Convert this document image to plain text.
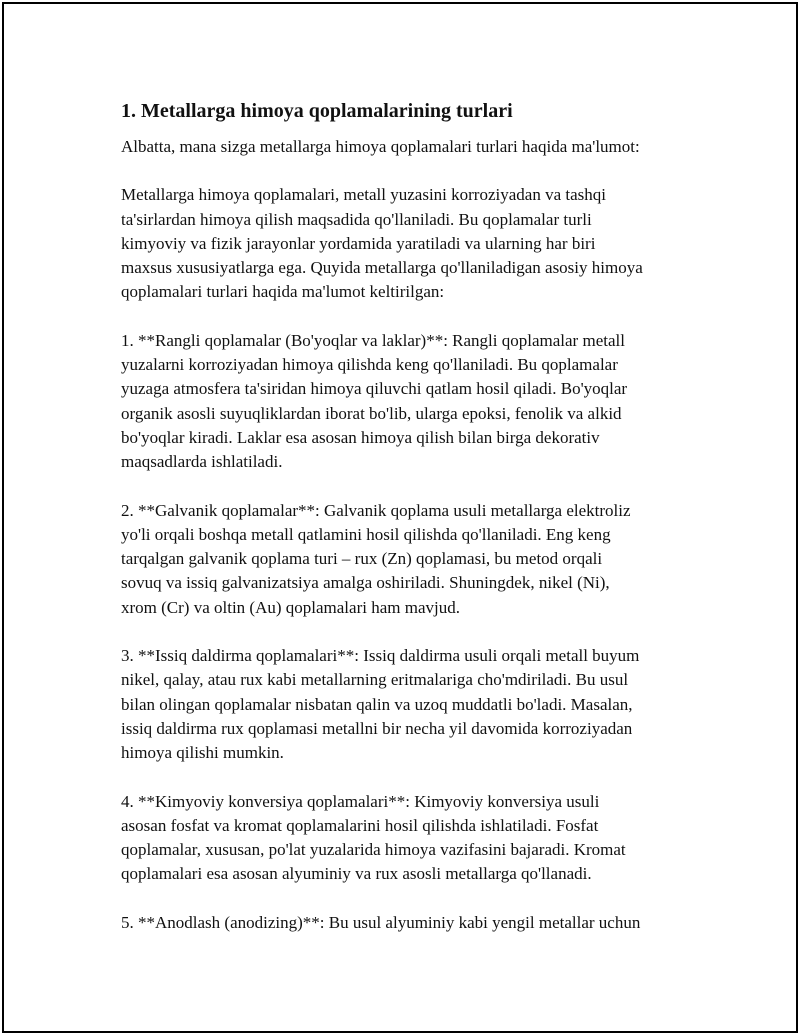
1. Metallarga himoya qoplamalarining turlari

Albatta, mana sizga metallarga himoya qoplamalari turlari haqida ma'lumot:

Metallarga himoya qoplamalari, metall yuzasini korroziyadan va tashqi
ta'sirlardan himoya qilish maqsadida qo'llaniladi. Bu qoplamalar turli
kimyoviy va fizik jarayonlar yordamida yaratiladi va ularning har biri
maxsus xususiyatlarga ega. Quyida metallarga qo'llaniladigan asosiy himoya
qoplamalari turlari haqida ma'lumot keltirilgan:

1. **Rangli qoplamalar (Bo'yoqlar va laklar)**: Rangli qoplamalar metall
yuzalarni korroziyadan himoya qilishda keng qo'llaniladi. Bu qoplamalar
yuzaga atmosfera ta'siridan himoya qiluvchi qatlam hosil qiladi. Bo'yoqlar
organik asosli suyuqliklardan iborat bo'lib, ularga epoksi, fenolik va alkid
bo'yoqlar kiradi. Laklar esa asosan himoya qilish bilan birga dekorativ
maqsadlarda ishlatiladi.

2. **Galvanik qoplamalar**: Galvanik qoplama usuli metallarga elektroliz
yo'li orqali boshqa metall qatlamini hosil qilishda qo'llaniladi. Eng keng
tarqalgan galvanik qoplama turi – rux (Zn) qoplamasi, bu metod orqali
sovuq va issiq galvanizatsiya amalga oshiriladi. Shuningdek, nikel (Ni),
xrom (Cr) va oltin (Au) qoplamalari ham mavjud.

3. **Issiq daldirma qoplamalari**: Issiq daldirma usuli orqali metall buyum
nikel, qalay, atau rux kabi metallarning eritmalariga cho'mdiriladi. Bu usul
bilan olingan qoplamalar nisbatan qalin va uzoq muddatli bo'ladi. Masalan,
issiq daldirma rux qoplamasi metallni bir necha yil davomida korroziyadan
himoya qilishi mumkin.

4. **Kimyoviy konversiya qoplamalari**: Kimyoviy konversiya usuli
asosan fosfat va kromat qoplamalarini hosil qilishda ishlatiladi. Fosfat
qoplamalar, xususan, po'lat yuzalarida himoya vazifasini bajaradi. Kromat
qoplamalari esa asosan alyuminiy va rux asosli metallarga qo'llanadi.

5. **Anodlash (anodizing)**: Bu usul alyuminiy kabi yengil metallar uchun
